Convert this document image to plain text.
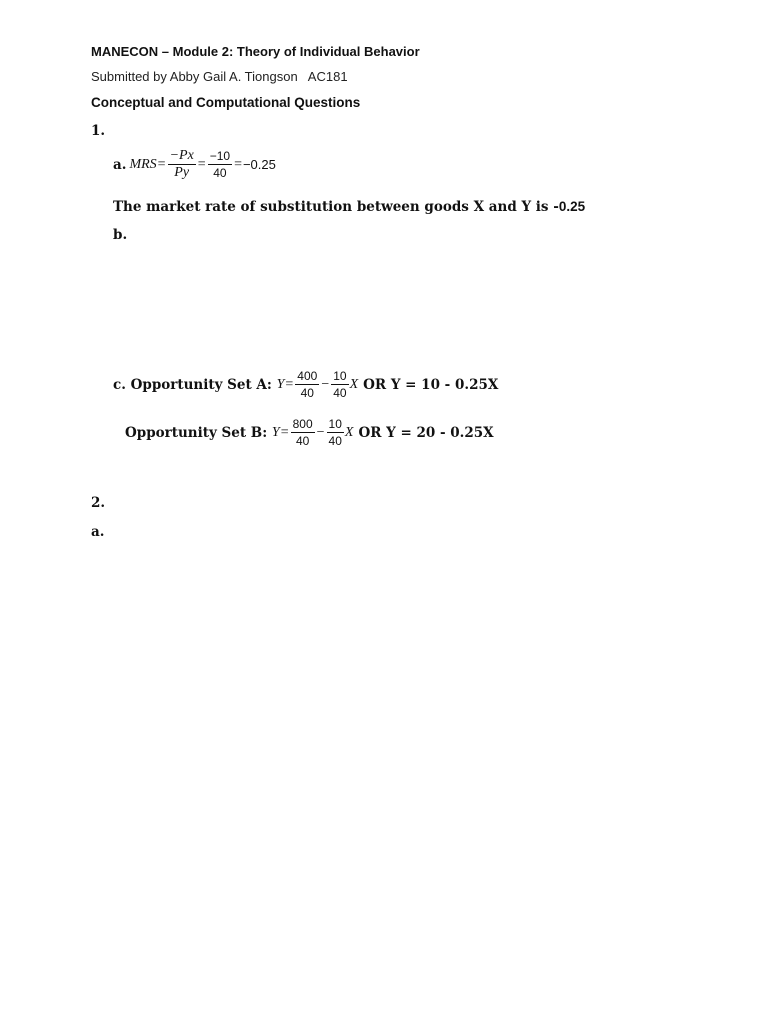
MANECON – Module 2: Theory of Individual Behavior
Submitted by Abby Gail A. Tiongson   AC181
Conceptual and Computational Questions
1.
a. MRS = $\frac{-Px}{Py} = \frac{-10}{40} = -0.25$
The market rate of substitution between goods X and Y is -0.25
b.
c. Opportunity Set A: $Y = \frac{400}{40} - \frac{10}{40}$ X OR Y = 10 - 0.25X
Opportunity Set B: $Y = \frac{800}{40} - \frac{10}{40}$ X OR Y = 20 - 0.25X
2.
a.
